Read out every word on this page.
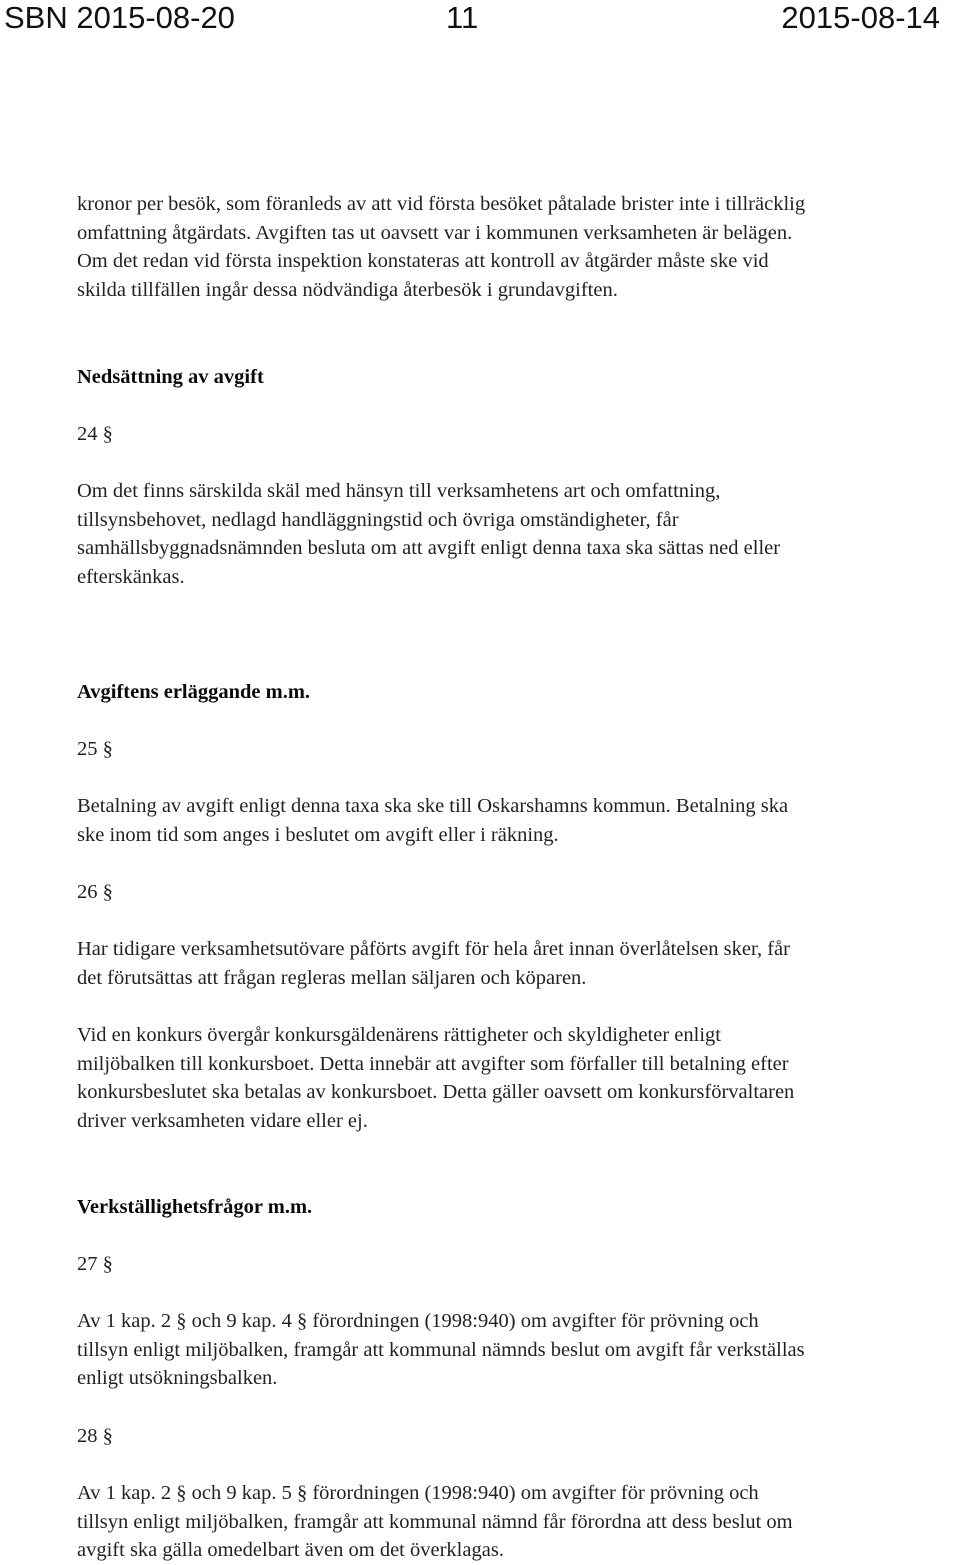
SBN 2015-08-20	11	2015-08-14
kronor per besök, som föranleds av att vid första besöket påtalade brister inte i tillräcklig
omfattning åtgärdats. Avgiften tas ut oavsett var i kommunen verksamheten är belägen.
Om det redan vid första inspektion konstateras att kontroll av åtgärder måste ske vid
skilda tillfällen ingår dessa nödvändiga återbesök i grundavgiften.
Nedsättning av avgift
24 §
Om det finns särskilda skäl med hänsyn till verksamhetens art och omfattning,
tillsynsbehovet, nedlagd handläggningstid och övriga omständigheter, får
samhällsbyggnadsnämnden besluta om att avgift enligt denna taxa ska sättas ned eller
efterskänkas.
Avgiftens erläggande m.m.
25 §
Betalning av avgift enligt denna taxa ska ske till Oskarshamns kommun. Betalning ska
ske inom tid som anges i beslutet om avgift eller i räkning.
26 §
Har tidigare verksamhetsutövare påförts avgift för hela året innan överlåtelsen sker, får
det förutsättas att frågan regleras mellan säljaren och köparen.
Vid en konkurs övergår konkursgäldenärens rättigheter och skyldigheter enligt
miljöbalken till konkursboet. Detta innebär att avgifter som förfaller till betalning efter
konkursbeslutet ska betalas av konkursboet. Detta gäller oavsett om konkursförvaltaren
driver verksamheten vidare eller ej.
Verkställighetsfrågor m.m.
27 §
Av 1 kap. 2 § och 9 kap. 4 § förordningen (1998:940) om avgifter för prövning och
tillsyn enligt miljöbalken, framgår att kommunal nämnds beslut om avgift får verkställas
enligt utsökningsbalken.
28 §
Av 1 kap. 2 § och 9 kap. 5 § förordningen (1998:940) om avgifter för prövning och
tillsyn enligt miljöbalken, framgår att kommunal nämnd får förordna att dess beslut om
avgift ska gälla omedelbart även om det överklagas.
